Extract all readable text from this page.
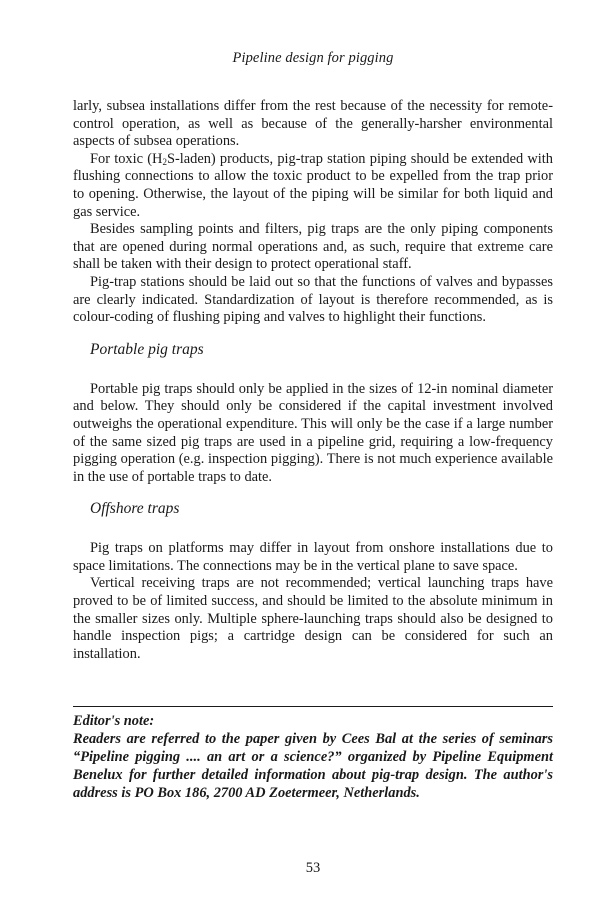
Pipeline design for pigging

larly, subsea installations differ from the rest because of the necessity for remote-control operation, as well as because of the generally-harsher environmental aspects of subsea operations.

For toxic $(H_2S-laden)$ products, pig-trap station piping should be extended with flushing connections to allow the toxic product to be expelled from the trap prior to opening. Otherwise, the layout of the piping will be similar for both liquid and gas service.

Besides sampling points and filters, pig traps are the only piping components that are opened during normal operations and, as such, require that extreme care shall be taken with their design to protect operational staff.

Pig-trap stations should be laid out so that the functions of valves and bypasses are clearly indicated. Standardization of layout is therefore recommended, as is colour-coding of flushing piping and valves to highlight their functions.

Portable pig traps

Portable pig traps should only be applied in the sizes of 12-in nominal diameter and below. They should only be considered if the capital investment involved outweighs the operational expenditure. This will only be the case if a large number of the same sized pig traps are used in a pipeline grid, requiring a low-frequency pigging operation (e.g. inspection pigging). There is not much experience available in the use of portable traps to date.

Offshore traps

Pig traps on platforms may differ in layout from onshore installations due to space limitations. The connections may be in the vertical plane to save space.

Vertical receiving traps are not recommended; vertical launching traps have proved to be of limited success, and should be limited to the absolute minimum in the smaller sizes only. Multiple sphere-launching traps should also be designed to handle inspection pigs; a cartridge design can be considered for such an installation.

Editor's note:

Readers are referred to the paper given by Cees Bal at the series of seminars “Pipeline pigging .... an art or a science?” organized by Pipeline Equipment Benelux for further detailed information about pig-trap design. The author's address is PO Box 186, 2700 AD Zoetermeer, Netherlands.

53
